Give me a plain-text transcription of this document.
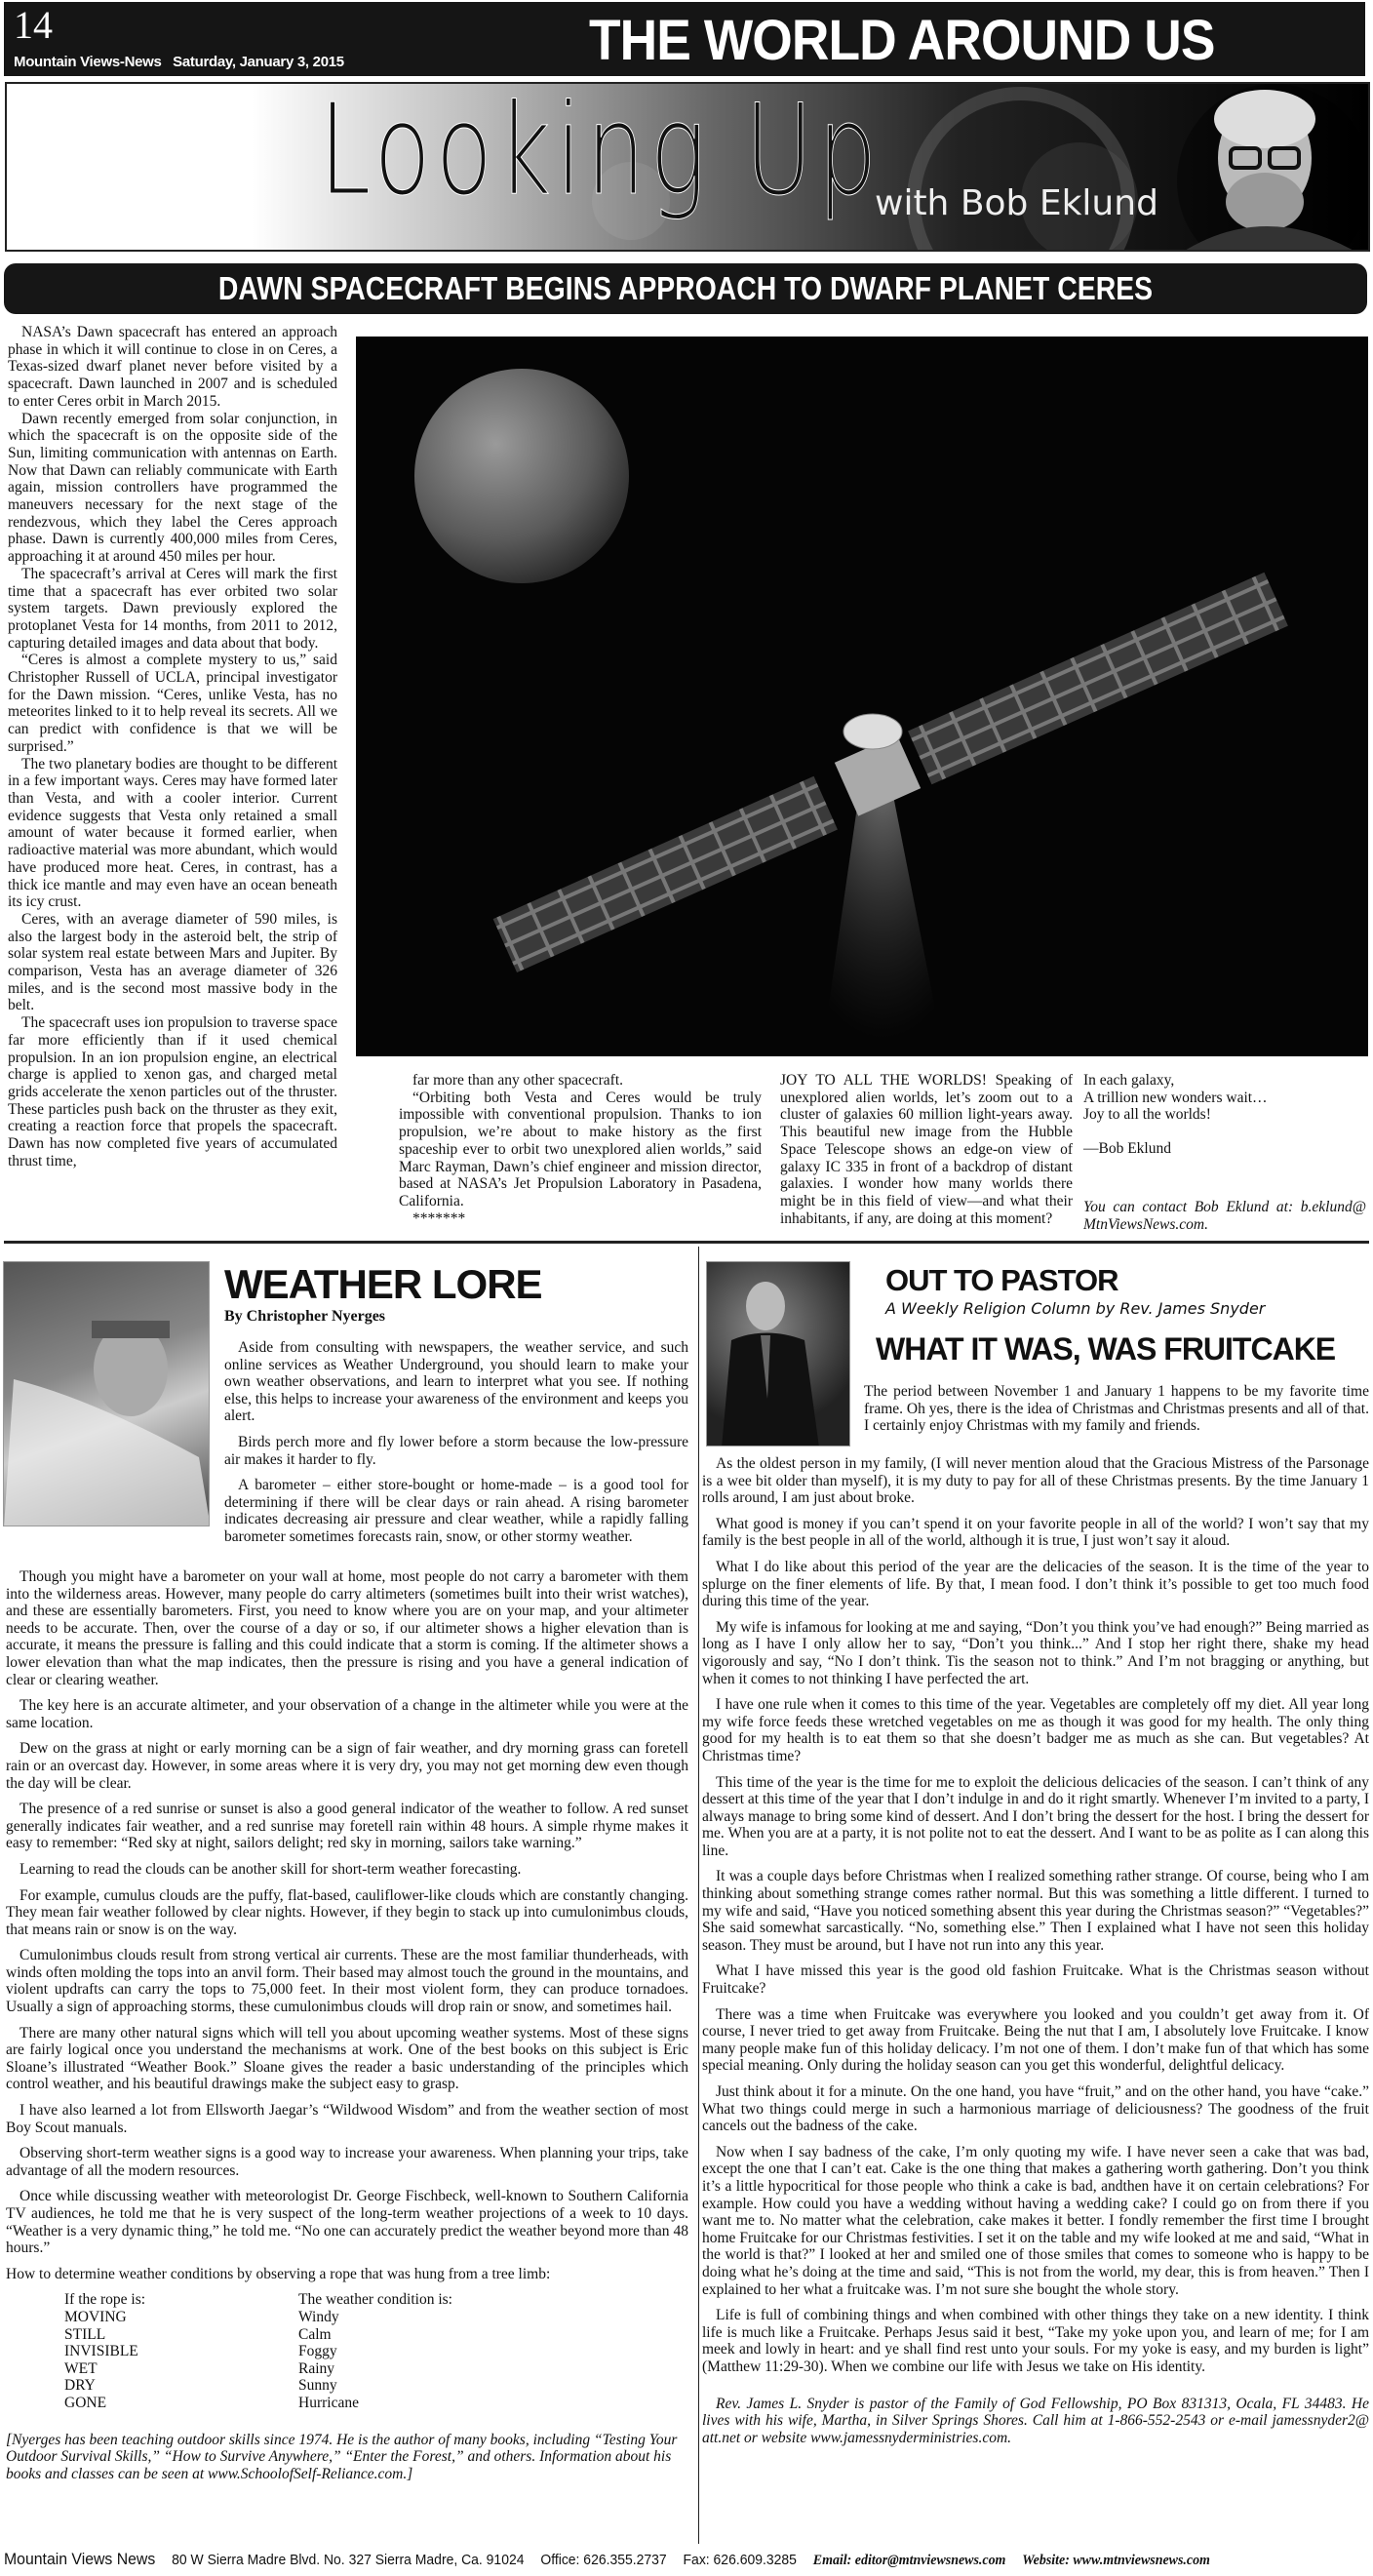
14
Mountain Views-News Saturday, January 3, 2015	THE WORLD AROUND US
Looking Up
with Bob Eklund
DAWN SPACECRAFT BEGINS APPROACH TO DWARF PLANET CERES

NASA’s Dawn spacecraft has entered an approach phase in which it will continue to close in on Ceres, a Texas-sized dwarf planet never before visited by a spacecraft. Dawn launched in 2007 and is scheduled to enter Ceres orbit in March 2015.

Dawn recently emerged from solar conjunction, in which the spacecraft is on the opposite side of the Sun, limiting communication with antennas on Earth. Now that Dawn can reliably communicate with Earth again, mission controllers have programmed the maneuvers necessary for the next stage of the rendezvous, which they label the Ceres approach phase. Dawn is currently 400,000 miles from Ceres, approaching it at around 450 miles per hour.

The spacecraft’s arrival at Ceres will mark the first time that a spacecraft has ever orbited two solar system targets. Dawn previously explored the protoplanet Vesta for 14 months, from 2011 to 2012, capturing detailed images and data about that body.

“Ceres is almost a complete mystery to us,” said Christopher Russell of UCLA, principal investigator for the Dawn mission. “Ceres, unlike Vesta, has no meteorites linked to it to help reveal its secrets. All we can predict with confidence is that we will be surprised.”

The two planetary bodies are thought to be different in a few important ways. Ceres may have formed later than Vesta, and with a cooler interior. Current evidence suggests that Vesta only retained a small amount of water because it formed earlier, when radioactive material was more abundant, which would have produced more heat. Ceres, in contrast, has a thick ice mantle and may even have an ocean beneath its icy crust.

Ceres, with an average diameter of 590 miles, is also the largest body in the asteroid belt, the strip of solar system real estate between Mars and Jupiter. By comparison, Vesta has an average diameter of 326 miles, and is the second most massive body in the belt.

The spacecraft uses ion propulsion to traverse space far more efficiently than if it used chemical propulsion. In an ion propulsion engine, an electrical charge is applied to xenon gas, and charged metal grids accelerate the xenon particles out of the thruster. These particles push back on the thruster as they exit, creating a reaction force that propels the spacecraft. Dawn has now completed five years of accumulated thrust time,

far more than any other spacecraft.

“Orbiting both Vesta and Ceres would be truly impossible with conventional propulsion. Thanks to ion propulsion, we’re about to make history as the first spaceship ever to orbit two unexplored alien worlds,” said Marc Rayman, Dawn’s chief engineer and mission director, based at NASA’s Jet Propulsion Laboratory in Pasadena, California.

*******

JOY TO ALL THE WORLDS! Speaking of unexplored alien worlds, let’s zoom out to a cluster of galaxies 60 million light-years away. This beautiful new image from the Hubble Space Telescope shows an edge-on view of galaxy IC 335 in front of a backdrop of distant galaxies. I wonder how many worlds there might be in this field of view—and what their inhabitants, if any, are doing at this moment?

In each galaxy,
A trillion new wonders wait…
Joy to all the worlds!
—Bob Eklund
You can contact Bob Eklund at: b.eklund@ MtnViewsNews.com.
WEATHER LORE
By Christopher Nyerges

Aside from consulting with newspapers, the weather service, and such online services as Weather Underground, you should learn to make your own weather observations, and learn to interpret what you see. If nothing else, this helps to increase your awareness of the environment and keeps you alert.

Birds perch more and fly lower before a storm because the low-pressure air makes it harder to fly.

A barometer – either store-bought or home-made – is a good tool for determining if there will be clear days or rain ahead. A rising barometer indicates decreasing air pressure and clear weather, while a rapidly falling barometer sometimes forecasts rain, snow, or other stormy weather.

Though you might have a barometer on your wall at home, most people do not carry a barometer with them into the wilderness areas. However, many people do carry altimeters (sometimes built into their wrist watches), and these are essentially barometers. First, you need to know where you are on your map, and your altimeter needs to be accurate. Then, over the course of a day or so, if our altimeter shows a higher elevation than is accurate, it means the pressure is falling and this could indicate that a storm is coming. If the altimeter shows a lower elevation than what the map indicates, then the pressure is rising and you have a general indication of clear or clearing weather.

The key here is an accurate altimeter, and your observation of a change in the altimeter while you were at the same location.

Dew on the grass at night or early morning can be a sign of fair weather, and dry morning grass can foretell rain or an overcast day. However, in some areas where it is very dry, you may not get morning dew even though the day will be clear.

The presence of a red sunrise or sunset is also a good general indicator of the weather to follow. A red sunset generally indicates fair weather, and a red sunrise may foretell rain within 48 hours. A simple rhyme makes it easy to remember: “Red sky at night, sailors delight; red sky in morning, sailors take warning.”

Learning to read the clouds can be another skill for short-term weather forecasting.

For example, cumulus clouds are the puffy, flat-based, cauliflower-like clouds which are constantly changing. They mean fair weather followed by clear nights. However, if they begin to stack up into cumulonimbus clouds, that means rain or snow is on the way.

Cumulonimbus clouds result from strong vertical air currents. These are the most familiar thunderheads, with winds often molding the tops into an anvil form. Their based may almost touch the ground in the mountains, and violent updrafts can carry the tops to 75,000 feet. In their most violent form, they can produce tornadoes. Usually a sign of approaching storms, these cumulonimbus clouds will drop rain or snow, and sometimes hail.

There are many other natural signs which will tell you about upcoming weather systems. Most of these signs are fairly logical once you understand the mechanisms at work. One of the best books on this subject is Eric Sloane’s illustrated “Weather Book.” Sloane gives the reader a basic understanding of the principles which control weather, and his beautiful drawings make the subject easy to grasp.

I have also learned a lot from Ellsworth Jaegar’s “Wildwood Wisdom” and from the weather section of most Boy Scout manuals.

Observing short-term weather signs is a good way to increase your awareness. When planning your trips, take advantage of all the modern resources.

Once while discussing weather with meteorologist Dr. George Fischbeck, well-known to Southern California TV audiences, he told me that he is very suspect of the long-term weather projections of a week to 10 days. “Weather is a very dynamic thing,” he told me. “No one can accurately predict the weather beyond more than 48 hours.”

How to determine weather conditions by observing a rope that was hung from a tree limb:

If the rope is:	The weather condition is:
MOVING	Windy
STILL	Calm
INVISIBLE	Foggy
WET	Rainy
DRY	Sunny
GONE	Hurricane

[Nyerges has been teaching outdoor skills since 1974. He is the author of many books, including “Testing Your Outdoor Survival Skills,” “How to Survive Anywhere,” “Enter the Forest,” and others. Information about his books and classes can be seen at www.SchoolofSelf-Reliance.com.]

OUT TO PASTOR
A Weekly Religion Column by Rev. James Snyder
WHAT IT WAS, WAS FRUITCAKE

The period between November 1 and January 1 happens to be my favorite time frame. Oh yes, there is the idea of Christmas and Christmas presents and all of that. I certainly enjoy Christmas with my family and friends.

As the oldest person in my family, (I will never mention aloud that the Gracious Mistress of the Parsonage is a wee bit older than myself), it is my duty to pay for all of these Christmas presents. By the time January 1 rolls around, I am just about broke.

What good is money if you can’t spend it on your favorite people in all of the world? I won’t say that my family is the best people in all of the world, although it is true, I just won’t say it aloud.

What I do like about this period of the year are the delicacies of the season. It is the time of the year to splurge on the finer elements of life. By that, I mean food. I don’t think it’s possible to get too much food during this time of the year.

My wife is infamous for looking at me and saying, “Don’t you think you’ve had enough?” Being married as long as I have I only allow her to say, “Don’t you think...” And I stop her right there, shake my head vigorously and say, “No I don’t think. Tis the season not to think.” And I’m not bragging or anything, but when it comes to not thinking I have perfected the art.

I have one rule when it comes to this time of the year. Vegetables are completely off my diet. All year long my wife force feeds these wretched vegetables on me as though it was good for my health. The only thing good for my health is to eat them so that she doesn’t badger me as much as she can. But vegetables? At Christmas time?

This time of the year is the time for me to exploit the delicious delicacies of the season. I can’t think of any dessert at this time of the year that I don’t indulge in and do it right smartly. Whenever I’m invited to a party, I always manage to bring some kind of dessert. And I don’t bring the dessert for the host. I bring the dessert for me. When you are at a party, it is not polite not to eat the dessert. And I want to be as polite as I can along this line.

It was a couple days before Christmas when I realized something rather strange. Of course, being who I am thinking about something strange comes rather normal. But this was something a little different. I turned to my wife and said, “Have you noticed something absent this year during the Christmas season?” “Vegetables?” She said somewhat sarcastically. “No, something else.” Then I explained what I have not seen this holiday season. They must be around, but I have not run into any this year.

What I have missed this year is the good old fashion Fruitcake. What is the Christmas season without Fruitcake?

There was a time when Fruitcake was everywhere you looked and you couldn’t get away from it. Of course, I never tried to get away from Fruitcake. Being the nut that I am, I absolutely love Fruitcake. I know many people make fun of this holiday delicacy. I’m not one of them. I don’t make fun of that which has some special meaning. Only during the holiday season can you get this wonderful, delightful delicacy.

Just think about it for a minute. On the one hand, you have “fruit,” and on the other hand, you have “cake.” What two things could merge in such a harmonious marriage of deliciousness? The goodness of the fruit cancels out the badness of the cake.

Now when I say badness of the cake, I’m only quoting my wife. I have never seen a cake that was bad, except the one that I can’t eat. Cake is the one thing that makes a gathering worth gathering. Don’t you think it’s a little hypocritical for those people who think a cake is bad, andthen have it on certain celebrations? For example. How could you have a wedding without having a wedding cake? I could go on from there if you want me to. No matter what the celebration, cake makes it better. I fondly remember the first time I brought home Fruitcake for our Christmas festivities. I set it on the table and my wife looked at me and said, “What in the world is that?” I looked at her and smiled one of those smiles that comes to someone who is happy to be doing what he’s doing at the time and said, “This is not from the world, my dear, this is from heaven.” Then I explained to her what a fruitcake was. I’m not sure she bought the whole story.

Life is full of combining things and when combined with other things they take on a new identity. I think life is much like a Fruitcake. Perhaps Jesus said it best, “Take my yoke upon you, and learn of me; for I am meek and lowly in heart: and ye shall find rest unto your souls. For my yoke is easy, and my burden is light” (Matthew 11:29-30). When we combine our life with Jesus we take on His identity.

Rev. James L. Snyder is pastor of the Family of God Fellowship, PO Box 831313, Ocala, FL 34483. He lives with his wife, Martha, in Silver Springs Shores. Call him at 1-866-552-2543 or e-mail jamessnyder2@ att.net or website www.jamessnyderministries.com.

Mountain Views News 80 W Sierra Madre Blvd. No. 327 Sierra Madre, Ca. 91024 Office: 626.355.2737 Fax: 626.609.3285 Email: editor@mtnviewsnews.com Website: www.mtnviewsnews.com
